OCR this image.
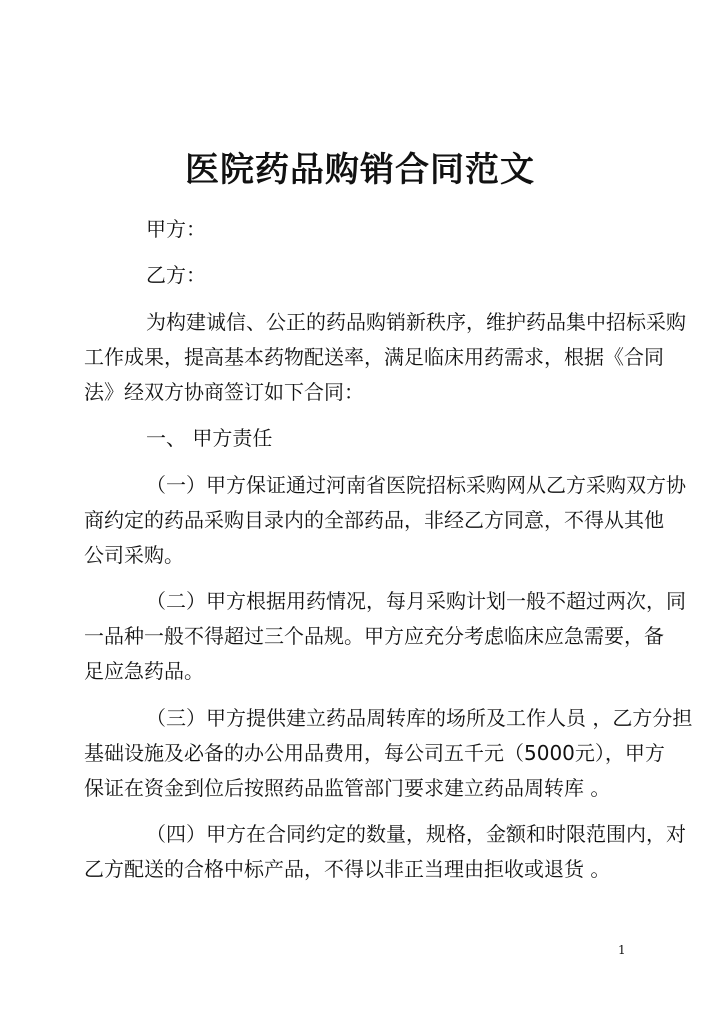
医院药品购销合同范文
甲方：
乙方：
为构建诚信、公正的药品购销新秩序，维护药品集中招标采购
工作成果，提高基本药物配送率，满足临床用药需求，根据《合同
法》经双方协商签订如下合同：
一、 甲方责任
（一）甲方保证通过河南省医院招标采购网从乙方采购双方协
商约定的药品采购目录内的全部药品，非经乙方同意，不得从其他
公司采购。
（二）甲方根据用药情况，每月采购计划一般不超过两次，同
一品种一般不得超过三个品规。甲方应充分考虑临床应急需要，备
足应急药品。
（三）甲方提供建立药品周转库的场所及工作人员 ，乙方分担
基础设施及必备的办公用品费用，每公司五千元（5000元），甲方
保证在资金到位后按照药品监管部门要求建立药品周转库 。
（四）甲方在合同约定的数量，规格，金额和时限范围内，对
乙方配送的合格中标产品，不得以非正当理由拒收或退货 。
1
